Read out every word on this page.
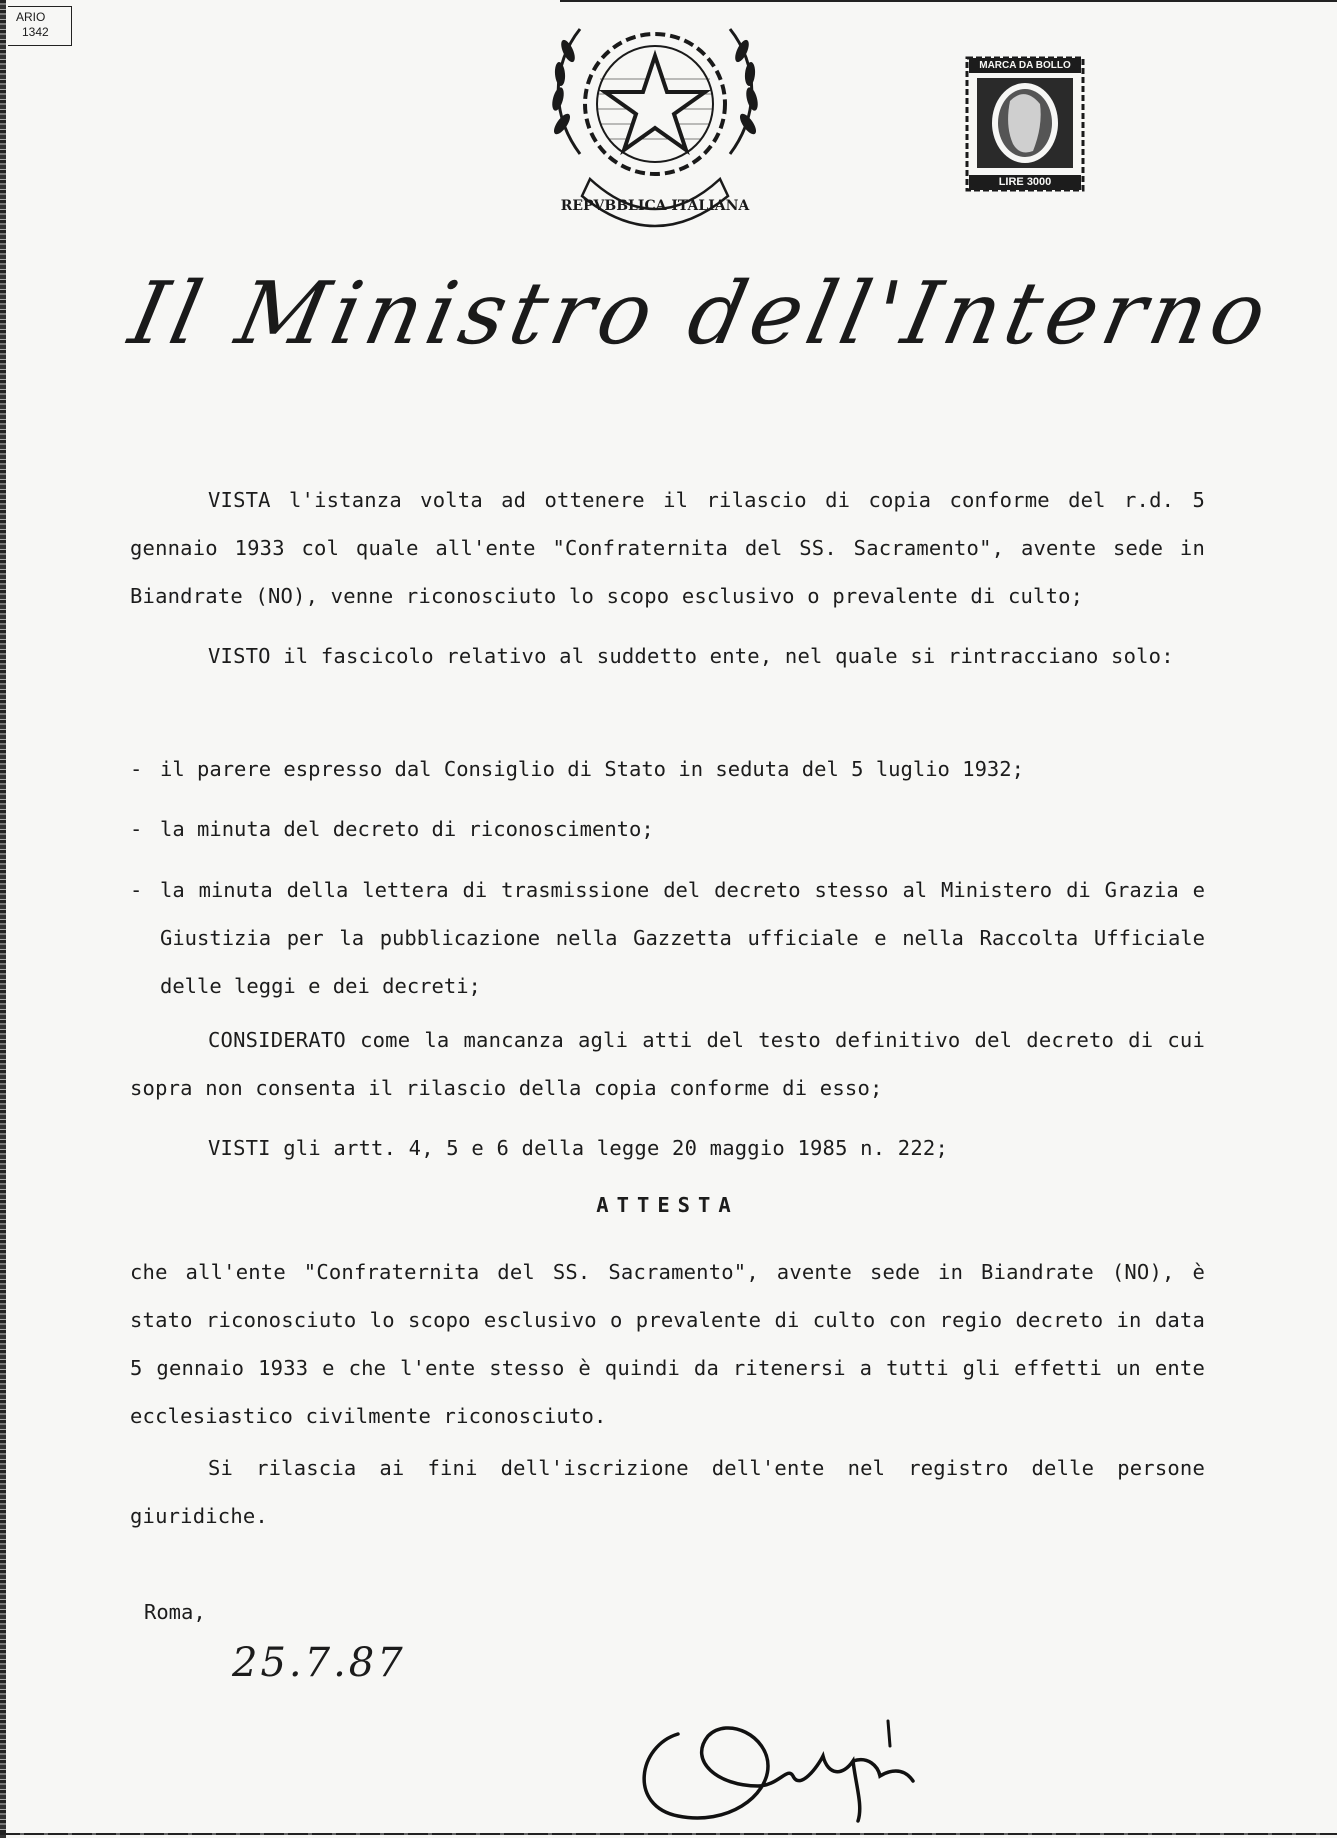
ARIO
1342
REPVBBLICA ITALIANA
MARCA DA BOLLO
LIRE 3000
Il Ministro dell'Interno

VISTA l'istanza volta ad ottenere il rilascio di copia conforme del r.d. 5 gennaio 1933 col quale all'ente "Confraternita del SS. Sacramento", avente sede in Biandrate (NO), venne riconosciuto lo scopo esclusivo o prevalente di culto;

VISTO il fascicolo relativo al suddetto ente, nel quale si rintracciano solo:

- il parere espresso dal Consiglio di Stato in seduta del 5 luglio 1932;
- la minuta del decreto di riconoscimento;
- la minuta della lettera di trasmissione del decreto stesso al Ministero di Grazia e Giustizia per la pubblicazione nella Gazzetta ufficiale e nella Raccolta Ufficiale delle leggi e dei decreti;

CONSIDERATO come la mancanza agli atti del testo definitivo del decreto di cui sopra non consenta il rilascio della copia conforme di esso;

VISTI gli artt. 4, 5 e 6 della legge 20 maggio 1985 n. 222;

ATTESTA

che all'ente "Confraternita del SS. Sacramento", avente sede in Biandrate (NO), è stato riconosciuto lo scopo esclusivo o prevalente di culto con regio decreto in data 5 gennaio 1933 e che l'ente stesso è quindi da ritenersi a tutti gli effetti un ente ecclesiastico civilmente riconosciuto.

Si rilascia ai fini dell'iscrizione dell'ente nel registro delle persone giuridiche.

Roma,
25.7.87
